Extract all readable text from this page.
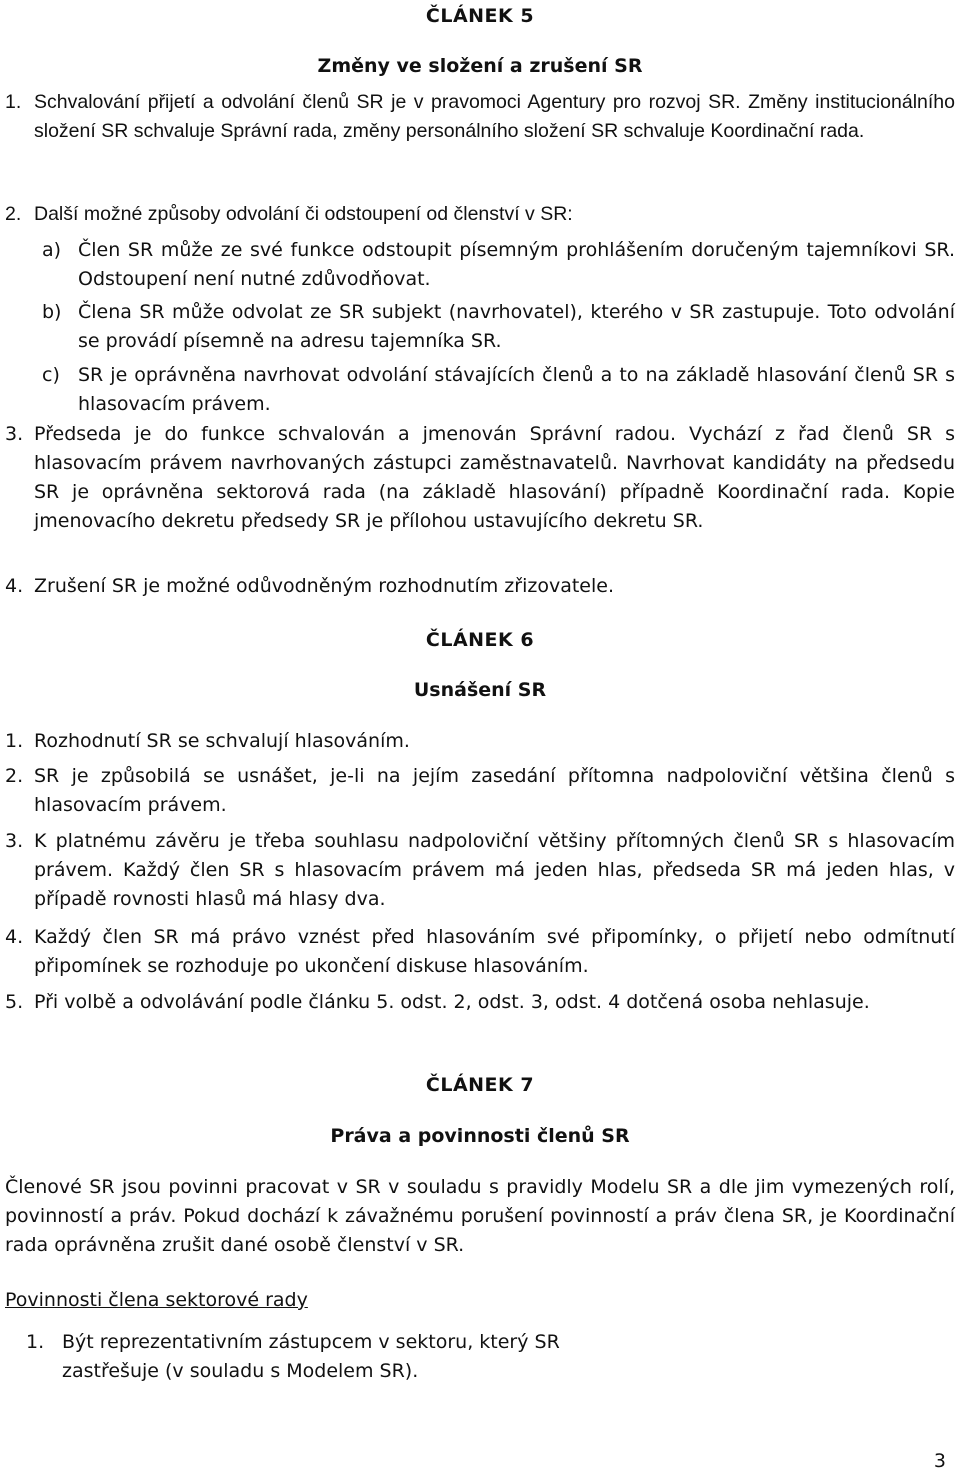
ČLÁNEK 5
Změny ve složení a zrušení SR
1. Schvalování přijetí a odvolání členů SR je v pravomoci Agentury pro rozvoj SR. Změny institucionálního složení SR schvaluje Správní rada, změny personálního složení SR schvaluje Koordinační rada.
2. Další možné způsoby odvolání či odstoupení od členství v SR:
a) Člen SR může ze své funkce odstoupit písemným prohlášením doručeným tajemníkovi SR. Odstoupení není nutné zdůvodňovat.
b) Člena SR může odvolat ze SR subjekt (navrhovatel), kterého v SR zastupuje. Toto odvolání se provádí písemně na adresu tajemníka SR.
c) SR je oprávněna navrhovat odvolání stávajících členů a to na základě hlasování členů SR s hlasovacím právem.
3. Předseda je do funkce schvalován a jmenován Správní radou. Vychází z řad členů SR s hlasovacím právem navrhovaných zástupci zaměstnavatelů. Navrhovat kandidáty na předsedu SR je oprávněna sektorová rada (na základě hlasování) případně Koordinační rada. Kopie jmenovacího dekretu předsedy SR je přílohou ustavujícího dekretu SR.
4. Zrušení SR je možné odůvodněným rozhodnutím zřizovatele.
ČLÁNEK 6
Usnášení SR
1. Rozhodnutí SR se schvalují hlasováním.
2. SR je způsobilá se usnášet, je-li na jejím zasedání přítomna nadpoloviční většina členů s hlasovacím právem.
3. K platnému závěru je třeba souhlasu nadpoloviční většiny přítomných členů SR s hlasovacím právem. Každý člen SR s hlasovacím právem má jeden hlas, předseda SR má jeden hlas, v případě rovnosti hlasů má hlasy dva.
4. Každý člen SR má právo vznést před hlasováním své připomínky, o přijetí nebo odmítnutí připomínek se rozhoduje po ukončení diskuse hlasováním.
5. Při volbě a odvolávání podle článku 5. odst. 2, odst. 3, odst. 4 dotčená osoba nehlasuje.
ČLÁNEK 7
Práva a povinnosti členů SR
Členové SR jsou povinni pracovat v SR v souladu s pravidly Modelu SR a dle jim vymezených rolí, povinností a práv. Pokud dochází k závažnému porušení povinností a práv člena SR, je Koordinační rada oprávněna zrušit dané osobě členství v SR.
Povinnosti člena sektorové rady
1. Být reprezentativním zástupcem v sektoru, který SR zastřešuje (v souladu s Modelem SR).
3
